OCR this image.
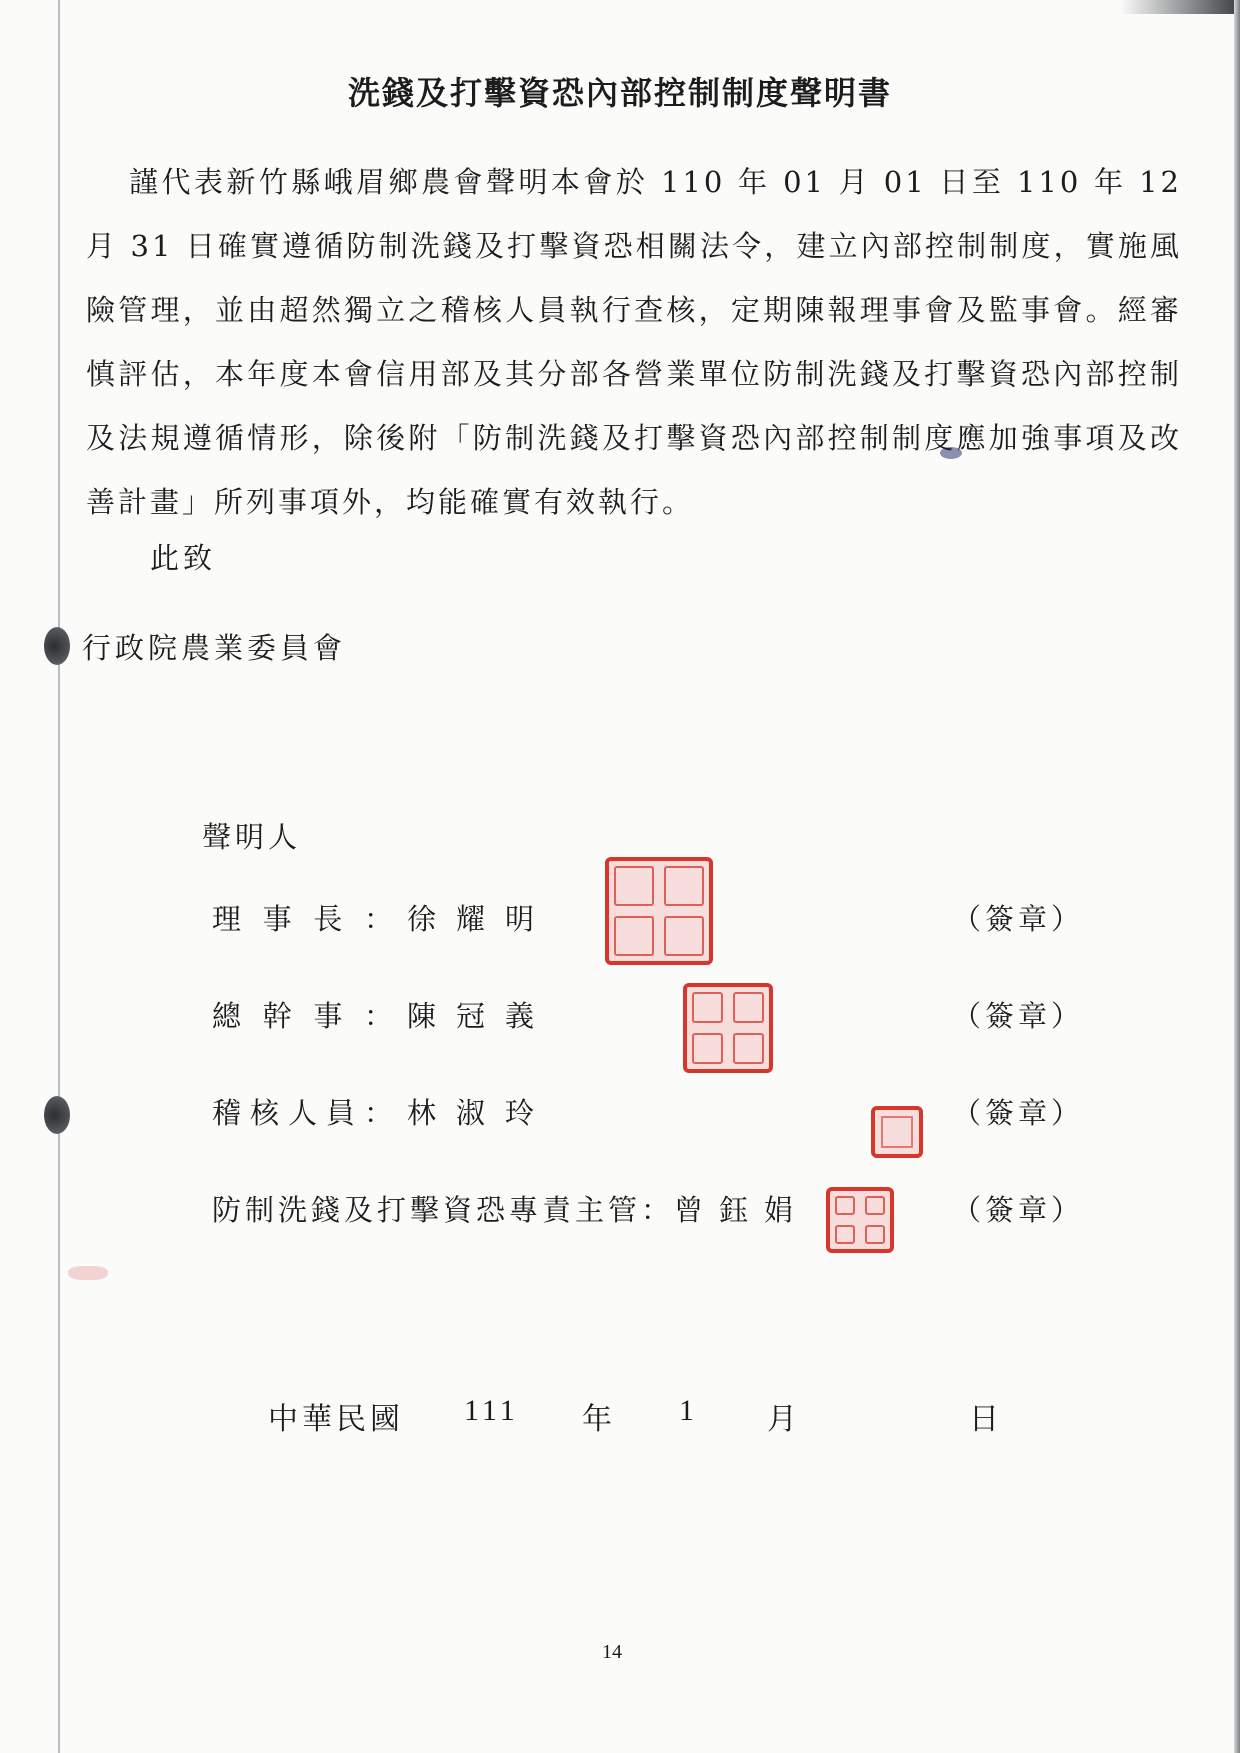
洗錢及打擊資恐內部控制制度聲明書
謹代表新竹縣峨眉鄉農會聲明本會於 110 年 01 月 01 日至 110 年 12 月 31 日確實遵循防制洗錢及打擊資恐相關法令，建立內部控制制度，實施風險管理，並由超然獨立之稽核人員執行查核，定期陳報理事會及監事會。經審慎評估，本年度本會信用部及其分部各營業單位防制洗錢及打擊資恐內部控制及法規遵循情形，除後附「防制洗錢及打擊資恐內部控制制度應加強事項及改善計畫」所列事項外，均能確實有效執行。
此致
行政院農業委員會
聲明人
理事長： 徐耀明	（簽章）
總幹事： 陳冠義	（簽章）
稽核人員： 林淑玲	（簽章）
防制洗錢及打擊資恐專責主管：曾鈺娟	（簽章）
中華民國 111 年 1 月	日
14
